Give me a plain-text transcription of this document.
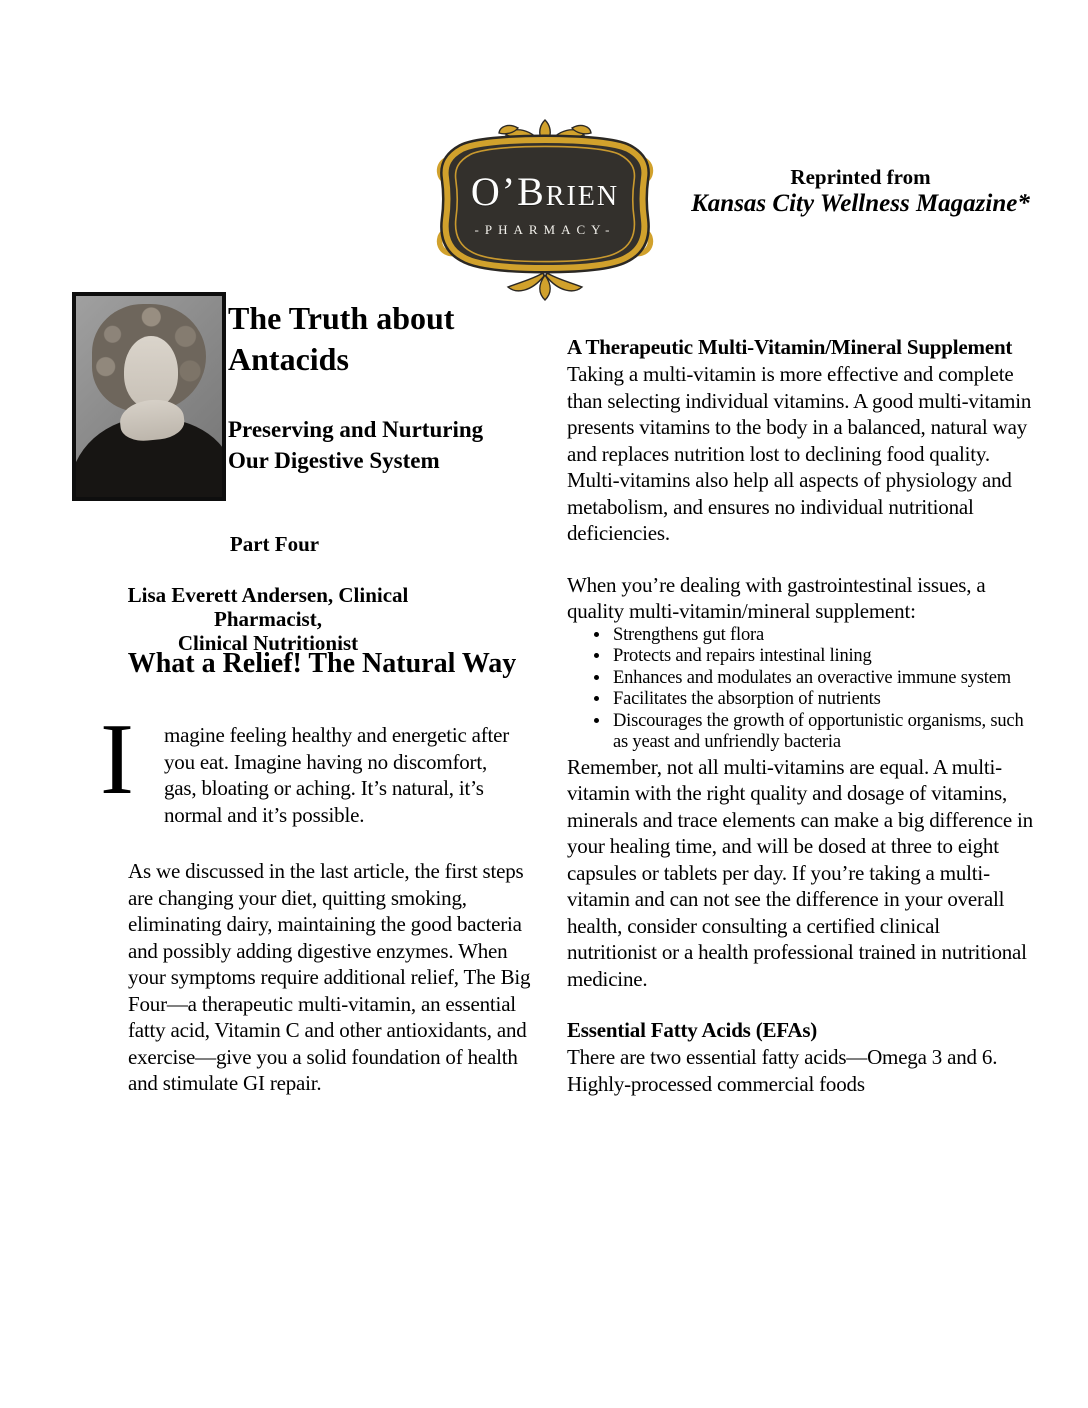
O’Brien
-PHARMACY-
Reprinted from
Kansas City Wellness Magazine*
The Truth about Antacids
Preserving and Nurturing Our Digestive System
Part Four
Lisa Everett Andersen, Clinical Pharmacist,
Clinical Nutritionist
What a Relief! The Natural Way
I magine feeling healthy and energetic after you eat. Imagine having no discomfort, gas, bloating or aching. It’s natural, it’s normal and it’s possible.
As we discussed in the last article, the first steps are changing your diet, quitting smoking, eliminating dairy, maintaining the good bacteria and possibly adding digestive enzymes. When your symptoms require additional relief, The Big Four—a therapeutic multi-vitamin, an essential fatty acid, Vitamin C and other antioxidants, and exercise—give you a solid foundation of health and stimulate GI repair.
A Therapeutic Multi-Vitamin/Mineral Supplement

Taking a multi-vitamin is more effective and complete than selecting individual vitamins. A good multi-vitamin presents vitamins to the body in a balanced, natural way and replaces nutrition lost to declining food quality. Multi-vitamins also help all aspects of physiology and metabolism, and ensures no individual nutritional deficiencies.

When you’re dealing with gastrointestinal issues, a quality multi-vitamin/mineral supplement:

• Strengthens gut flora
• Protects and repairs intestinal lining
• Enhances and modulates an overactive immune system
• Facilitates the absorption of nutrients
• Discourages the growth of opportunistic organisms, such as yeast and unfriendly bacteria

Remember, not all multi-vitamins are equal. A multi-vitamin with the right quality and dosage of vitamins, minerals and trace elements can make a big difference in your healing time, and will be dosed at three to eight capsules or tablets per day. If you’re taking a multi-vitamin and can not see the difference in your overall health, consider consulting a certified clinical nutritionist or a health professional trained in nutritional medicine.

Essential Fatty Acids (EFAs)

There are two essential fatty acids—Omega 3 and 6. Highly-processed commercial foods
